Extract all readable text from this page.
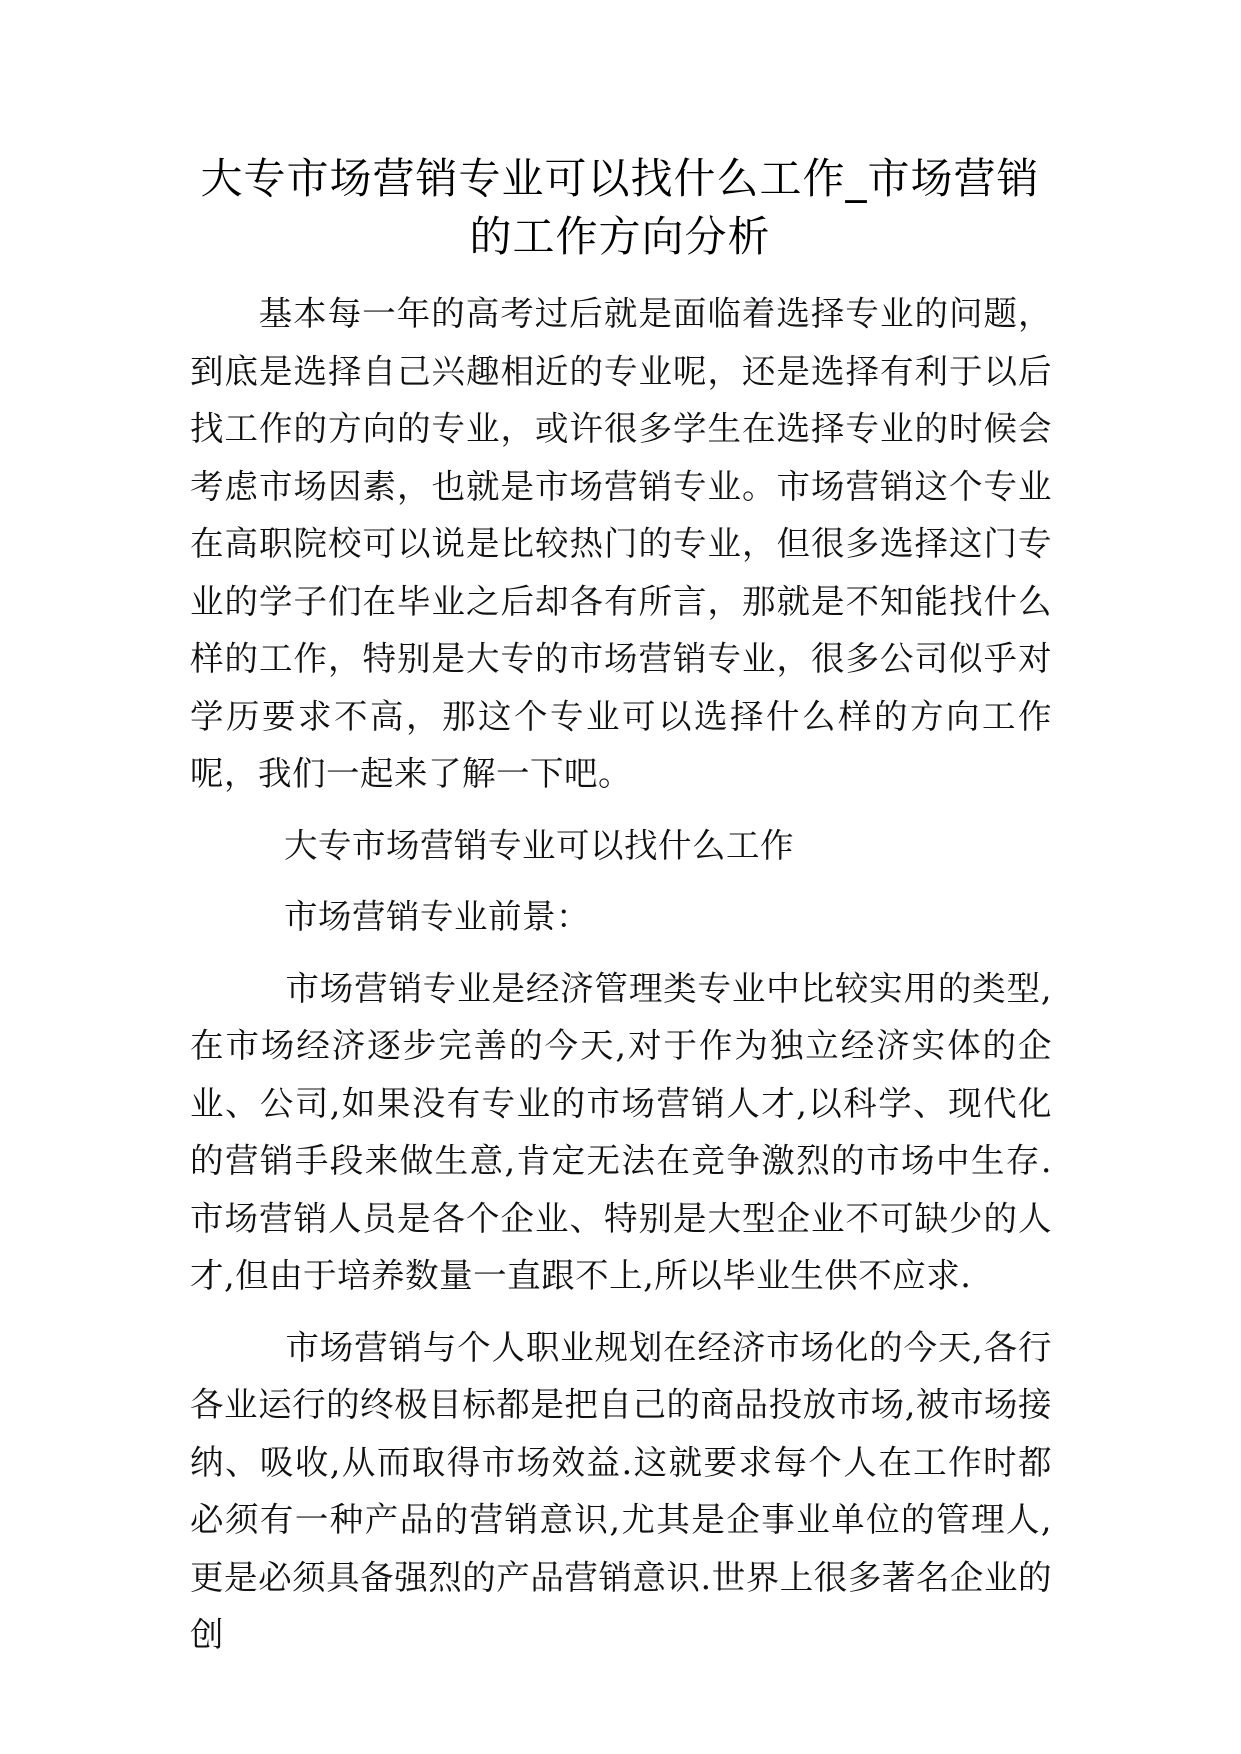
大专市场营销专业可以找什么工作_市场营销的工作方向分析

基本每一年的高考过后就是面临着选择专业的问题，到底是选择自己兴趣相近的专业呢，还是选择有利于以后找工作的方向的专业，或许很多学生在选择专业的时候会考虑市场因素，也就是市场营销专业。市场营销这个专业在高职院校可以说是比较热门的专业，但很多选择这门专业的学子们在毕业之后却各有所言，那就是不知能找什么样的工作，特别是大专的市场营销专业，很多公司似乎对学历要求不高，那这个专业可以选择什么样的方向工作呢，我们一起来了解一下吧。

大专市场营销专业可以找什么工作

市场营销专业前景：

市场营销专业是经济管理类专业中比较实用的类型,在市场经济逐步完善的今天,对于作为独立经济实体的企业、公司,如果没有专业的市场营销人才,以科学、现代化的营销手段来做生意,肯定无法在竞争激烈的市场中生存.市场营销人员是各个企业、特别是大型企业不可缺少的人才,但由于培养数量一直跟不上,所以毕业生供不应求.

市场营销与个人职业规划在经济市场化的今天,各行各业运行的终极目标都是把自己的商品投放市场,被市场接纳、吸收,从而取得市场效益.这就要求每个人在工作时都必须有一种产品的营销意识,尤其是企事业单位的管理人,更是必须具备强烈的产品营销意识.世界上很多著名企业的创
